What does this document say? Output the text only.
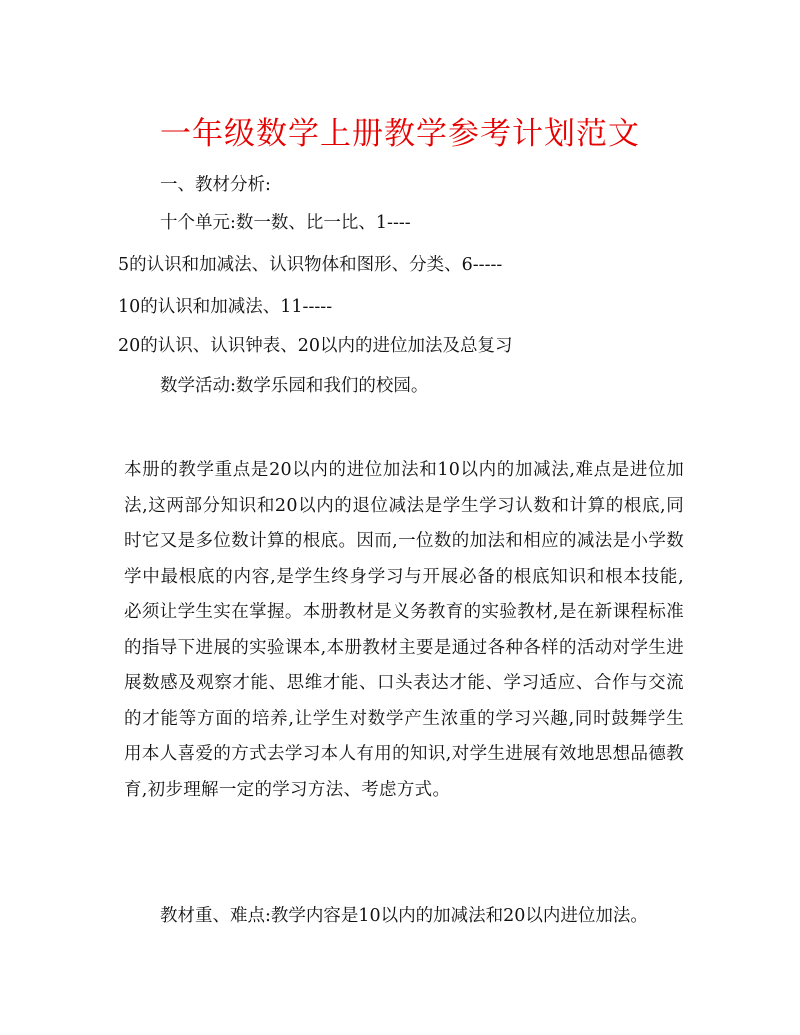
一年级数学上册教学参考计划范文

一、教材分析:

十个单元:数一数、比一比、1----

5的认识和加减法、认识物体和图形、分类、6-----

10的认识和加减法、11-----

20的认识、认识钟表、20以内的进位加法及总复习

数学活动:数学乐园和我们的校园。

本册的教学重点是20以内的进位加法和10以内的加减法,难点是进位加法,这两部分知识和20以内的退位减法是学生学习认数和计算的根底,同时它又是多位数计算的根底。因而,一位数的加法和相应的减法是小学数学中最根底的内容,是学生终身学习与开展必备的根底知识和根本技能,必须让学生实在掌握。本册教材是义务教育的实验教材,是在新课程标准的指导下进展的实验课本,本册教材主要是通过各种各样的活动对学生进展数感及观察才能、思维才能、口头表达才能、学习适应、合作与交流的才能等方面的培养,让学生对数学产生浓重的学习兴趣,同时鼓舞学生用本人喜爱的方式去学习本人有用的知识,对学生进展有效地思想品德教育,初步理解一定的学习方法、考虑方式。

教材重、难点:教学内容是10以内的加减法和20以内进位加法。
